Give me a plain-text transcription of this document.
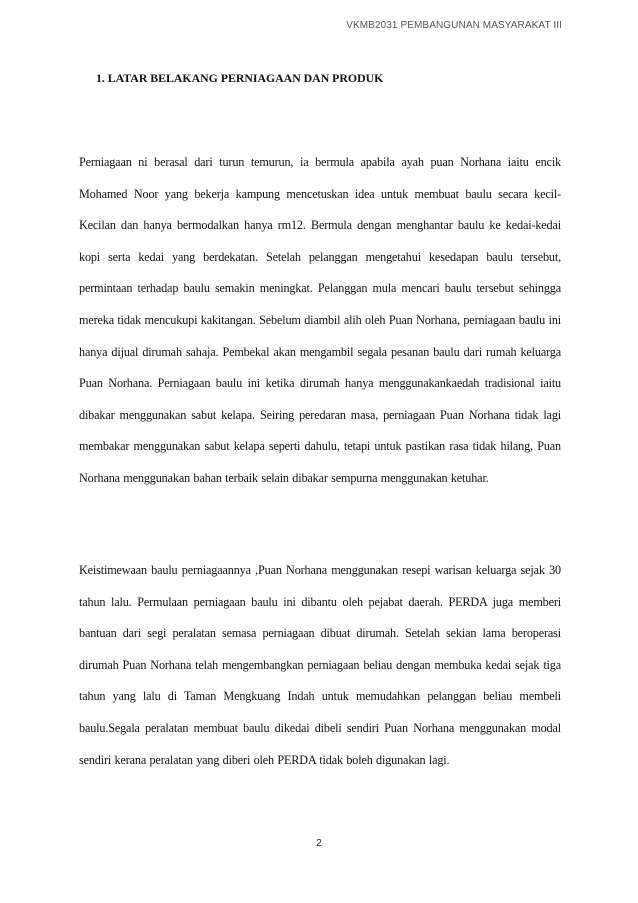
VKMB2031 PEMBANGUNAN MASYARAKAT III
1. LATAR BELAKANG PERNIAGAAN DAN PRODUK
Perniagaan ni berasal dari turun temurun, ia bermula apabila ayah puan Norhana iaitu encik Mohamed Noor yang bekerja kampung mencetuskan idea untuk membuat baulu secara kecil-Kecilan dan hanya bermodalkan hanya rm12. Bermula dengan menghantar baulu ke kedai-kedai kopi serta kedai yang berdekatan. Setelah pelanggan mengetahui kesedapan baulu tersebut, permintaan terhadap baulu semakin meningkat. Pelanggan mula mencari baulu tersebut sehingga mereka tidak mencukupi kakitangan. Sebelum diambil alih oleh Puan Norhana, perniagaan baulu ini hanya dijual dirumah sahaja. Pembekal akan mengambil segala pesanan baulu dari rumah keluarga Puan Norhana. Perniagaan baulu ini ketika dirumah hanya menggunakankaedah tradisional iaitu dibakar menggunakan sabut kelapa. Seiring peredaran masa, perniagaan Puan Norhana tidak lagi membakar menggunakan sabut kelapa seperti dahulu, tetapi untuk pastikan rasa tidak hilang, Puan Norhana menggunakan bahan terbaik selain dibakar sempurna menggunakan ketuhar.
Keistimewaan baulu perniagaannya ,Puan Norhana menggunakan resepi warisan keluarga sejak 30 tahun lalu. Permulaan perniagaan baulu ini dibantu oleh pejabat daerah. PERDA juga memberi bantuan dari segi peralatan semasa perniagaan dibuat dirumah. Setelah sekian lama beroperasi dirumah Puan Norhana telah mengembangkan perniagaan beliau dengan membuka kedai sejak tiga tahun yang lalu di Taman Mengkuang Indah untuk memudahkan pelanggan beliau membeli baulu.Segala peralatan membuat baulu dikedai dibeli sendiri Puan Norhana menggunakan modal sendiri kerana peralatan yang diberi oleh PERDA tidak boleh digunakan lagi.
2
